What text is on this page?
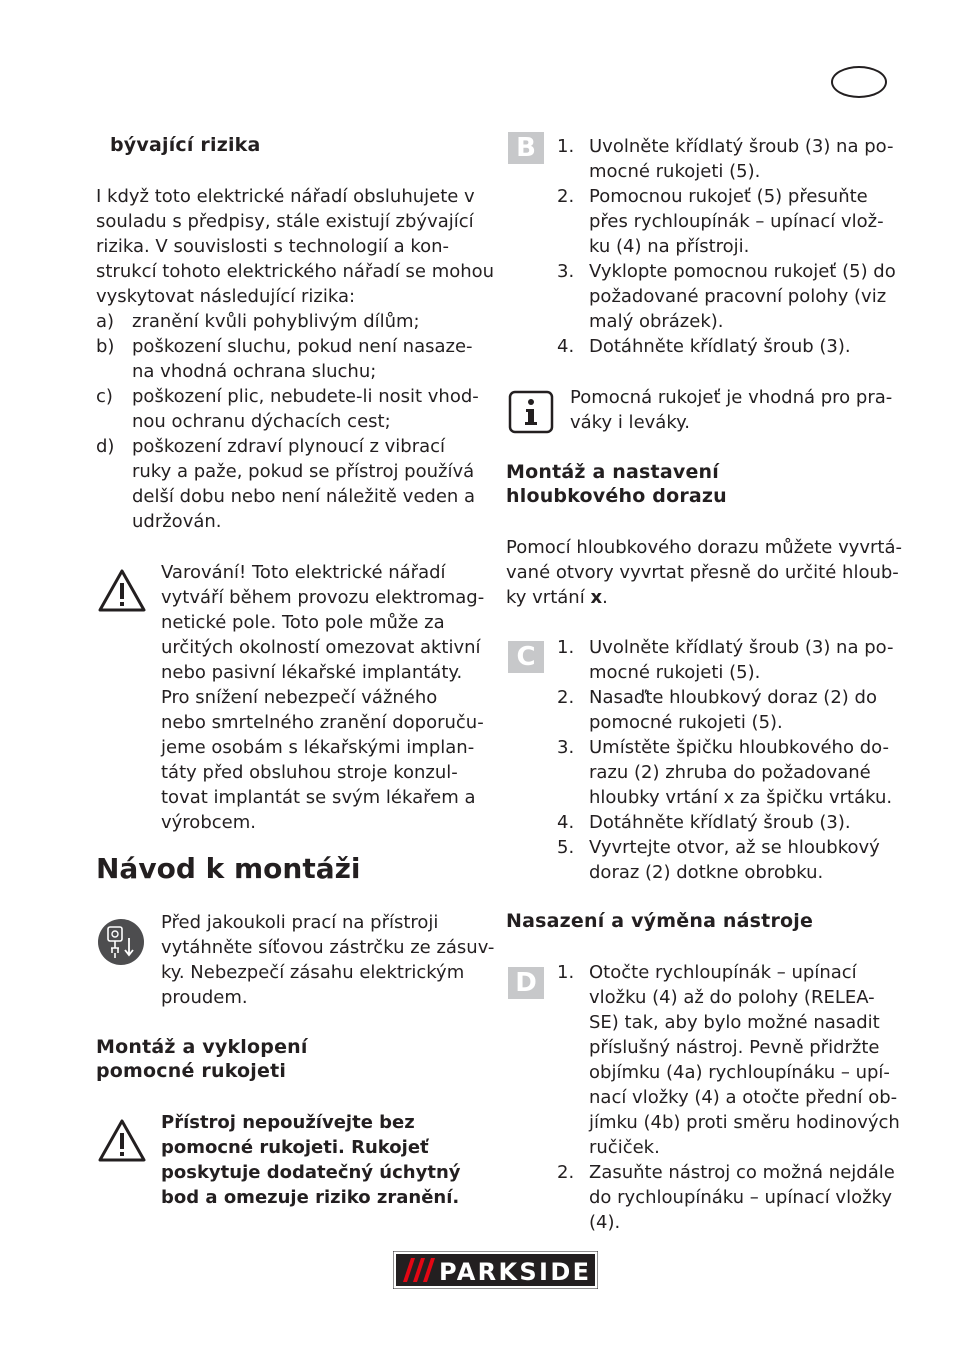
bývající rizika
I když toto elektrické nářadí obsluhujete v
souladu s předpisy, stále existují zbývající
rizika. V souvislosti s technologií a kon-
strukcí tohoto elektrického nářadí se mohou
vyskytovat následující rizika:
a) zranění kvůli pohyblivým dílům;
b) poškození sluchu, pokud není nasaze-
na vhodná ochrana sluchu;
c) poškození plic, nebudete-li nosit vhod-
nou ochranu dýchacích cest;
d) poškození zdraví plynoucí z vibrací
ruky a paže, pokud se přístroj používá
delší dobu nebo není náležitě veden a
udržován.
Varování! Toto elektrické nářadí
vytváří během provozu elektromag-
netické pole. Toto pole může za
určitých okolností omezovat aktivní
nebo pasivní lékařské implantáty.
Pro snížení nebezpečí vážného
nebo smrtelného zranění doporuču-
jeme osobám s lékařskými implan-
táty před obsluhou stroje konzul-
tovat implantát se svým lékařem a
výrobcem.
Návod k montáži
Před jakoukoli prací na přístroji
vytáhněte síťovou zástrčku ze zásuv-
ky. Nebezpečí zásahu elektrickým
proudem.
Montáž a vyklopení
pomocné rukojeti
Přístroj nepoužívejte bez
pomocné rukojeti. Rukojeť
poskytuje dodatečný úchytný
bod a omezuje riziko zranění.
B	1. Uvolněte křídlatý šroub (3) na po-
mocné rukojeti (5).
2. Pomocnou rukojeť (5) přesuňte
přes rychloupínák – upínací vlož-
ku (4) na přístroji.
3. Vyklopte pomocnou rukojeť (5) do
požadované pracovní polohy (viz
malý obrázek).
4. Dotáhněte křídlatý šroub (3).
Pomocná rukojeť je vhodná pro pra-
váky i leváky.
Montáž a nastavení
hloubkového dorazu
Pomocí hloubkového dorazu můžete vyvrtá-
vané otvory vyvrtat přesně do určité hloub-
ky vrtání x.
C	1. Uvolněte křídlatý šroub (3) na po-
mocné rukojeti (5).
2. Nasaďte hloubkový doraz (2) do
pomocné rukojeti (5).
3. Umístěte špičku hloubkového do-
razu (2) zhruba do požadované
hloubky vrtání x za špičku vrtáku.
4. Dotáhněte křídlatý šroub (3).
5. Vyvrtejte otvor, až se hloubkový
doraz (2) dotkne obrobku.
Nasazení a výměna nástroje
D	1. Otočte rychloupínák – upínací
vložku (4) až do polohy (RELEA-
SE) tak, aby bylo možné nasadit
příslušný nástroj. Pevně přidržte
objímku (4a) rychloupínáku – upí-
nací vložky (4) a otočte přední ob-
jímku (4b) proti směru hodinových
ručiček.
2. Zasuňte nástroj co možná nejdále
do rychloupínáku – upínací vložky
(4).
PARKSIDE
